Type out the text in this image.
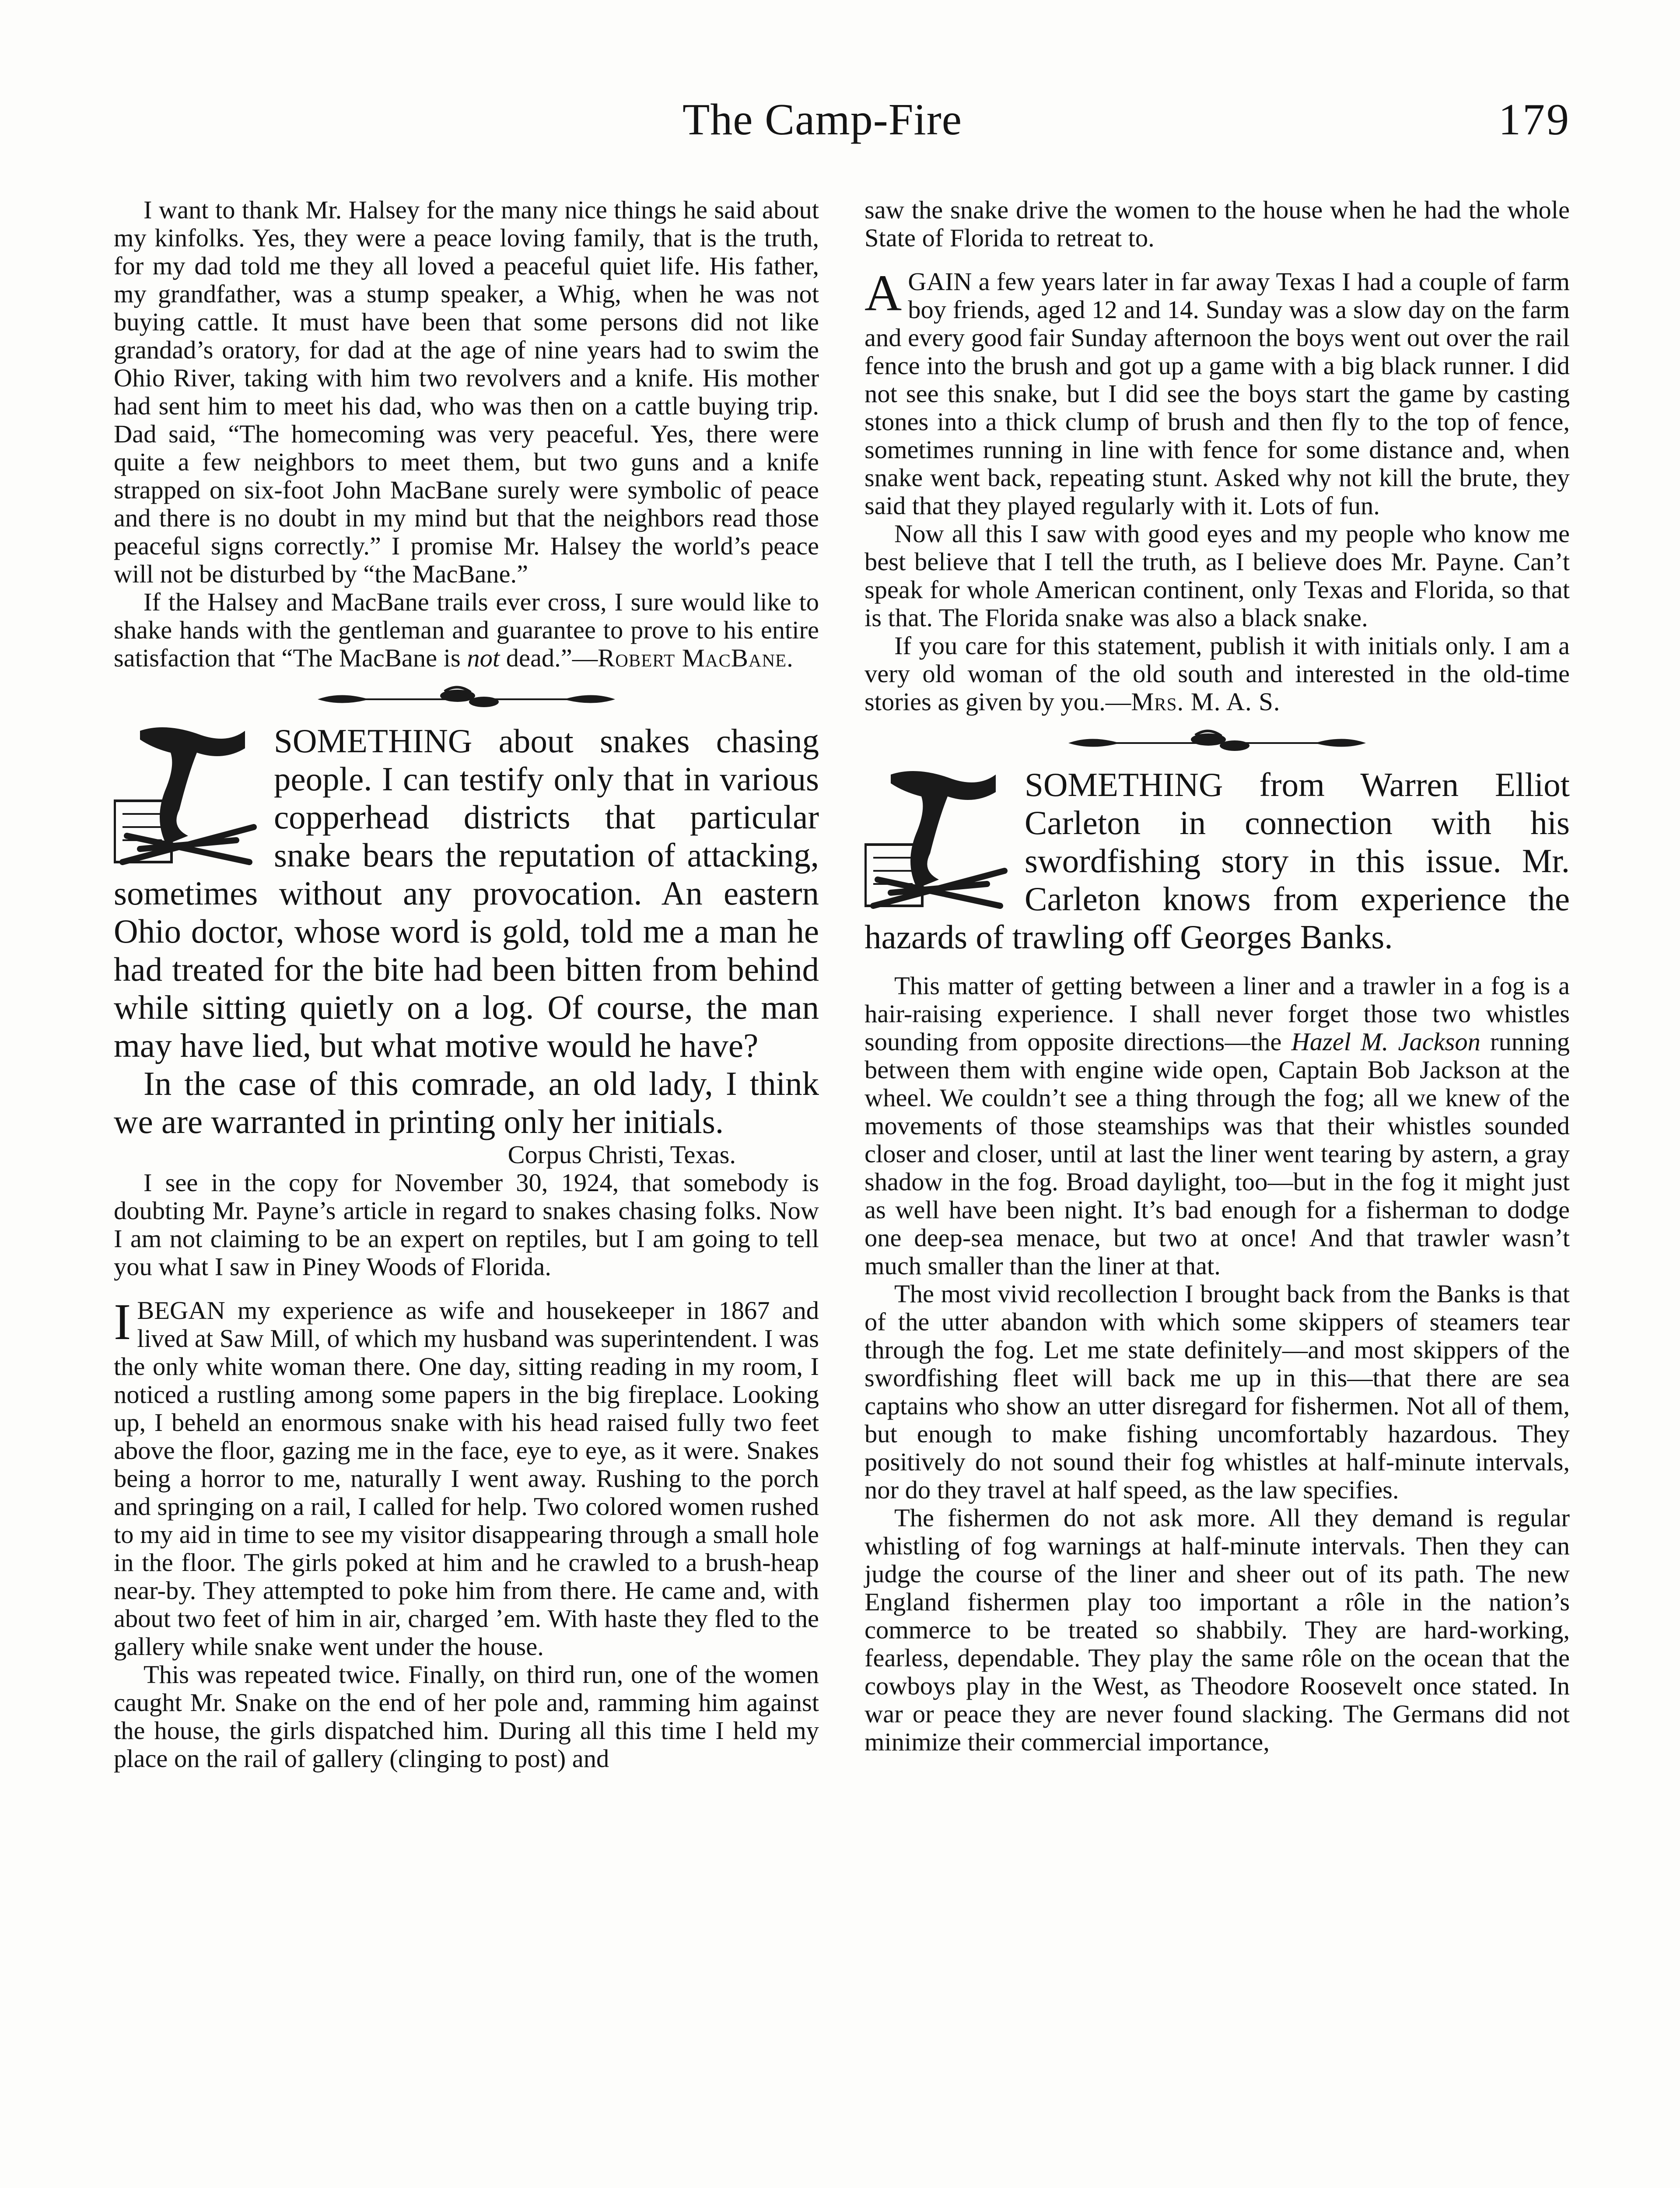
The Camp-Fire	179

I want to thank Mr. Halsey for the many nice things he said about my kinfolks. Yes, they were a peace loving family, that is the truth, for my dad told me they all loved a peaceful quiet life. His father, my grandfather, was a stump speaker, a Whig, when he was not buying cattle. It must have been that some persons did not like grandad’s oratory, for dad at the age of nine years had to swim the Ohio River, taking with him two revolvers and a knife. His mother had sent him to meet his dad, who was then on a cattle buying trip. Dad said, “The homecoming was very peaceful. Yes, there were quite a few neighbors to meet them, but two guns and a knife strapped on six-foot John MacBane surely were symbolic of peace and there is no doubt in my mind but that the neighbors read those peaceful signs correctly.” I promise Mr. Halsey the world’s peace will not be disturbed by “the MacBane.”

If the Halsey and MacBane trails ever cross, I sure would like to shake hands with the gentleman and guarantee to prove to his entire satisfaction that “The MacBane is not dead.”—Robert MacBane.

SOMETHING about snakes chasing people. I can testify only that in various copperhead districts that particular snake bears the reputation of attacking, sometimes without any provocation. An eastern Ohio doctor, whose word is gold, told me a man he had treated for the bite had been bitten from behind while sitting quietly on a log. Of course, the man may have lied, but what motive would he have?

In the case of this comrade, an old lady, I think we are warranted in printing only her initials.

Corpus Christi, Texas.

I see in the copy for November 30, 1924, that somebody is doubting Mr. Payne’s article in regard to snakes chasing folks. Now I am not claiming to be an expert on reptiles, but I am going to tell you what I saw in Piney Woods of Florida.

IBEGAN my experience as wife and housekeeper in 1867 and lived at Saw Mill, of which my husband was superintendent. I was the only white woman there. One day, sitting reading in my room, I noticed a rustling among some papers in the big fireplace. Looking up, I beheld an enormous snake with his head raised fully two feet above the floor, gazing me in the face, eye to eye, as it were. Snakes being a horror to me, naturally I went away. Rushing to the porch and springing on a rail, I called for help. Two colored women rushed to my aid in time to see my visitor disappearing through a small hole in the floor. The girls poked at him and he crawled to a brush-heap near-by. They attempted to poke him from there. He came and, with about two feet of him in air, charged ’em. With haste they fled to the gallery while snake went under the house.

This was repeated twice. Finally, on third run, one of the women caught Mr. Snake on the end of her pole and, ramming him against the house, the girls dispatched him. During all this time I held my place on the rail of gallery (clinging to post) and

saw the snake drive the women to the house when he had the whole State of Florida to retreat to.

AGAIN a few years later in far away Texas I had a couple of farm boy friends, aged 12 and 14. Sunday was a slow day on the farm and every good fair Sunday afternoon the boys went out over the rail fence into the brush and got up a game with a big black runner. I did not see this snake, but I did see the boys start the game by casting stones into a thick clump of brush and then fly to the top of fence, sometimes running in line with fence for some distance and, when snake went back, repeating stunt. Asked why not kill the brute, they said that they played regularly with it. Lots of fun.

Now all this I saw with good eyes and my people who know me best believe that I tell the truth, as I believe does Mr. Payne. Can’t speak for whole American continent, only Texas and Florida, so that is that. The Florida snake was also a black snake.

If you care for this statement, publish it with initials only. I am a very old woman of the old south and interested in the old-time stories as given by you.—Mrs. M. A. S.

SOMETHING from Warren Elliot Carleton in connection with his swordfishing story in this issue. Mr. Carleton knows from experience the hazards of trawling off Georges Banks.

This matter of getting between a liner and a trawler in a fog is a hair-raising experience. I shall never forget those two whistles sounding from opposite directions—the Hazel M. Jackson running between them with engine wide open, Captain Bob Jackson at the wheel. We couldn’t see a thing through the fog; all we knew of the movements of those steamships was that their whistles sounded closer and closer, until at last the liner went tearing by astern, a gray shadow in the fog. Broad daylight, too—but in the fog it might just as well have been night. It’s bad enough for a fisherman to dodge one deep-sea menace, but two at once! And that trawler wasn’t much smaller than the liner at that.

The most vivid recollection I brought back from the Banks is that of the utter abandon with which some skippers of steamers tear through the fog. Let me state definitely—and most skippers of the swordfishing fleet will back me up in this—that there are sea captains who show an utter disregard for fishermen. Not all of them, but enough to make fishing uncomfortably hazardous. They positively do not sound their fog whistles at half-minute intervals, nor do they travel at half speed, as the law specifies.

The fishermen do not ask more. All they demand is regular whistling of fog warnings at half-minute intervals. Then they can judge the course of the liner and sheer out of its path. The new England fishermen play too important a rôle in the nation’s commerce to be treated so shabbily. They are hard-working, fearless, dependable. They play the same rôle on the ocean that the cowboys play in the West, as Theodore Roosevelt once stated. In war or peace they are never found slacking. The Germans did not minimize their commercial importance,
